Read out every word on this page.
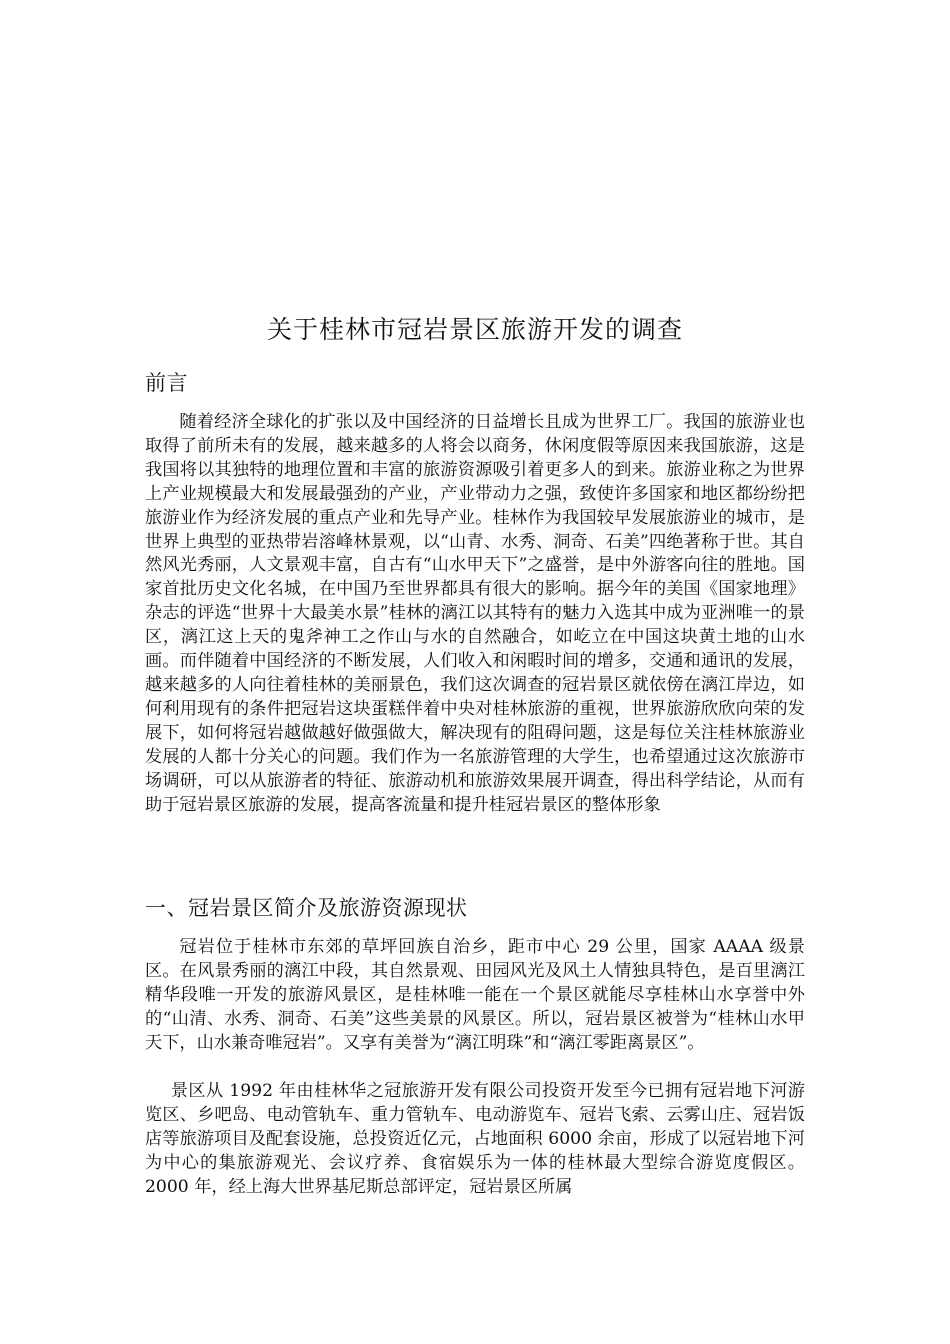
关于桂林市冠岩景区旅游开发的调查
前言

随着经济全球化的扩张以及中国经济的日益增长且成为世界工厂。我国的旅游业也取得了前所未有的发展，越来越多的人将会以商务，休闲度假等原因来我国旅游，这是我国将以其独特的地理位置和丰富的旅游资源吸引着更多人的到来。旅游业称之为世界上产业规模最大和发展最强劲的产业，产业带动力之强，致使许多国家和地区都纷纷把旅游业作为经济发展的重点产业和先导产业。桂林作为我国较早发展旅游业的城市，是世界上典型的亚热带岩溶峰林景观，以“山青、水秀、洞奇、石美”四绝著称于世。其自然风光秀丽，人文景观丰富，自古有“山水甲天下”之盛誉，是中外游客向往的胜地。国家首批历史文化名城，在中国乃至世界都具有很大的影响。据今年的美国《国家地理》杂志的评选“世界十大最美水景”桂林的漓江以其特有的魅力入选其中成为亚洲唯一的景区，漓江这上天的鬼斧神工之作山与水的自然融合，如屹立在中国这块黄土地的山水画。而伴随着中国经济的不断发展，人们收入和闲暇时间的增多，交通和通讯的发展，越来越多的人向往着桂林的美丽景色，我们这次调查的冠岩景区就依傍在漓江岸边，如何利用现有的条件把冠岩这块蛋糕伴着中央对桂林旅游的重视，世界旅游欣欣向荣的发展下，如何将冠岩越做越好做强做大，解决现有的阻碍问题，这是每位关注桂林旅游业发展的人都十分关心的问题。我们作为一名旅游管理的大学生，也希望通过这次旅游市场调研，可以从旅游者的特征、旅游动机和旅游效果展开调查，得出科学结论，从而有助于冠岩景区旅游的发展，提高客流量和提升桂冠岩景区的整体形象

一、冠岩景区简介及旅游资源现状

冠岩位于桂林市东郊的草坪回族自治乡，距市中心 29 公里，国家 AAAA 级景区。在风景秀丽的漓江中段，其自然景观、田园风光及风土人情独具特色，是百里漓江精华段唯一开发的旅游风景区，是桂林唯一能在一个景区就能尽享桂林山水享誉中外的“山清、水秀、洞奇、石美”这些美景的风景区。所以，冠岩景区被誉为“桂林山水甲天下，山水兼奇唯冠岩”。又享有美誉为“漓江明珠”和“漓江零距离景区”。

景区从 1992 年由桂林华之冠旅游开发有限公司投资开发至今已拥有冠岩地下河游览区、乡吧岛、电动管轨车、重力管轨车、电动游览车、冠岩飞索、云雾山庄、冠岩饭店等旅游项目及配套设施，总投资近亿元，占地面积 6000 余亩，形成了以冠岩地下河为中心的集旅游观光、会议疗养、食宿娱乐为一体的桂林最大型综合游览度假区。2000 年，经上海大世界基尼斯总部评定，冠岩景区所属
